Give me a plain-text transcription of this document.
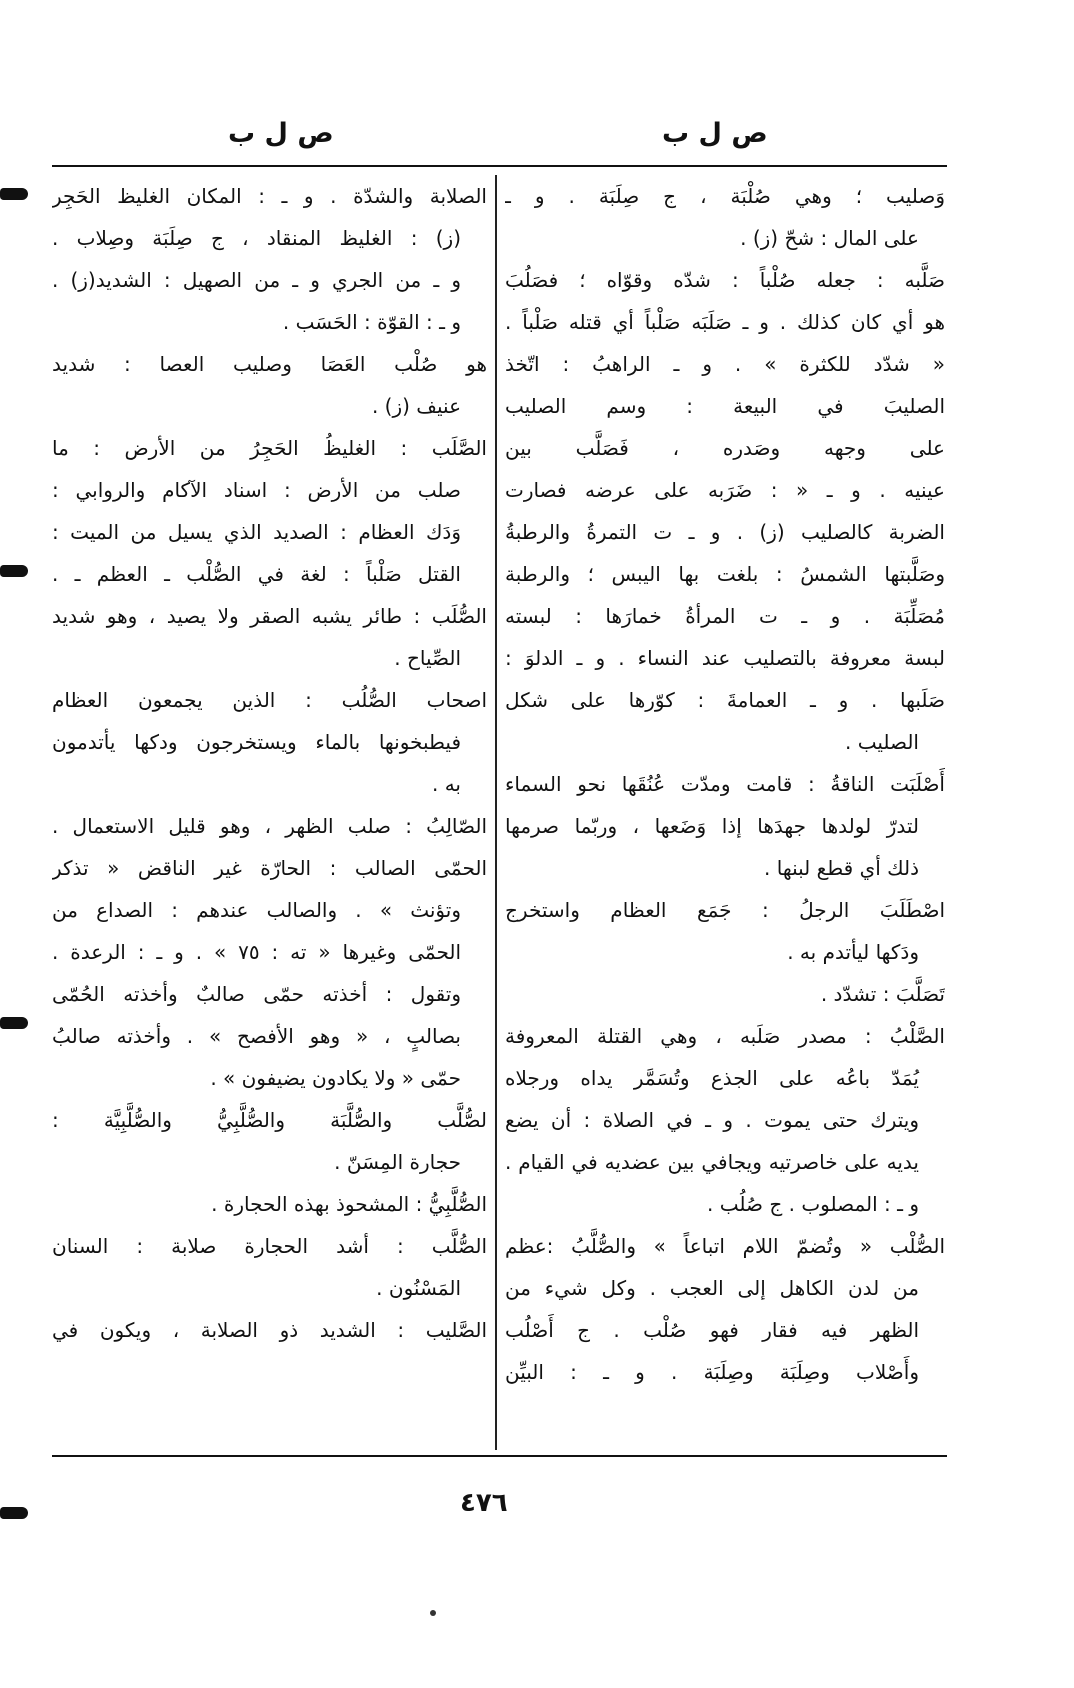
ص ل ب
ص ل ب
وَصليب ؛ وهي صُلْبَة ، ج صِلَبَة . و ـ
على المال : شحّ (ز) .
صَلَّبه : جعله صُلْباً : شدّه وقوّاه ؛ فصَلُبَ
هو أي كان كذلك . و ـ صَلَبَه صَلْباً أي قتله صَلْباً .
« شدّد للكثرة » . و ـ الراهبُ : اتّخذ
الصليبَ في البيعة : وسم الصليب
على وجهه وصَدره ، فَصَلَّب بين
عينيه . و ـ « : ضَرَبه على عرضه فصارت
الضربة كالصليب (ز) . و ـ ت التمرةُ والرطبةُ
وصَلَّبتها الشمسُ : بلغت بها اليبس ؛ والرطبة
مُصَلِّبَة . و ـ ت المرأةُ خمارَها : لبسته
لبسة معروفة بالتصليب عند النساء . و ـ الدلوَ :
صَلَبها . و ـ العمامةَ : كوّرها على شكل
الصليب .
أَصْلَبَت الناقةُ : قامت ومدّت عُنُقَها نحو السماء
لتدرّ لولدها جهدَها إذا وَضَعها ، وربّما صرمها
ذلك أي قطع لبنها .
اصْطَلَبَ الرجلُ : جَمَع العظام واستخرج
ودَكها ليأتدم به .
تَصَلَّبَ : تشدّد .
الصَّلْبُ : مصدر صَلَبه ، وهي القتلة المعروفة
يُمَدّ باعُه على الجذع وتُسَمَّر يداه ورجلاه
ويترك حتى يموت . و ـ في الصلاة : أن يضع
يديه على خاصرتيه ويجافي بين عضديه في القيام .
و ـ : المصلوب . ج صُلُب .
الصُّلْب « وتُضمّ اللام اتباعاً » والصُّلَّبُ :عظم
من لدن الكاهل إلى العجب . وكل شيء من
الظهر فيه فقار فهو صُلْب . ج أَصْلُب
وأَصْلاب وصِلَبَة وصِلَبَة . و ـ : البيِّن
الصلابة والشدّة . و ـ : المكان الغليظ الحَجِر
(ز) : الغليظ المنقاد ، ج صِلَبَة وصِلاب .
و ـ من الجري و ـ من الصهيل : الشديد(ز) .
و ـ : القوّة : الحَسَب .
هو صُلْب العَصَا وصليب العصا : شديد
عنيف (ز) .
الصَّلَب : الغليظُ الحَجِرُ من الأرض : ما
صلب من الأرض : اسناد الآكام والروابي :
وَدَك العظام : الصديد الذي يسيل من الميت :
القتل صَلْباً : لغة في الصُّلْب ـ العظم ـ .
الصُّلَب : طائر يشبه الصقر ولا يصيد ، وهو شديد
الصِّياح .
اصحاب الصُّلُب : الذين يجمعون العظام
فيطبخونها بالماء ويستخرجون ودكها يأتدمون
به .
الصّالِبُ : صلب الظهر ، وهو قليل الاستعمال .
الحمّى الصالب : الحارّة غير الناقض « تذكر
وتؤنث » . والصالب عندهم : الصداع من
الحمّى وغيرها « ته : ٧٥ » . و ـ : الرعدة .
وتقول : أخذته حمّى صالبٌ وأخذته الحُمّى
بصالبٍ ، « وهو الأفصح » . وأخذته صالبُ
حمّى « ولا يكادون يضيفون » .
لصُّلَّب والصُّلَّبَة والصُّلَّبِيُّ والصُّلَّبِيَّة :
حجارة المِسَنّ .
الصُّلَّبِيُّ : المشحوذ بهذه الحجارة .
الصُّلَّب : أشد الحجارة صلابة : السنان
المَسْنُون .
الصَّليب : الشديد ذو الصلابة ، ويكون في
٤٧٦
